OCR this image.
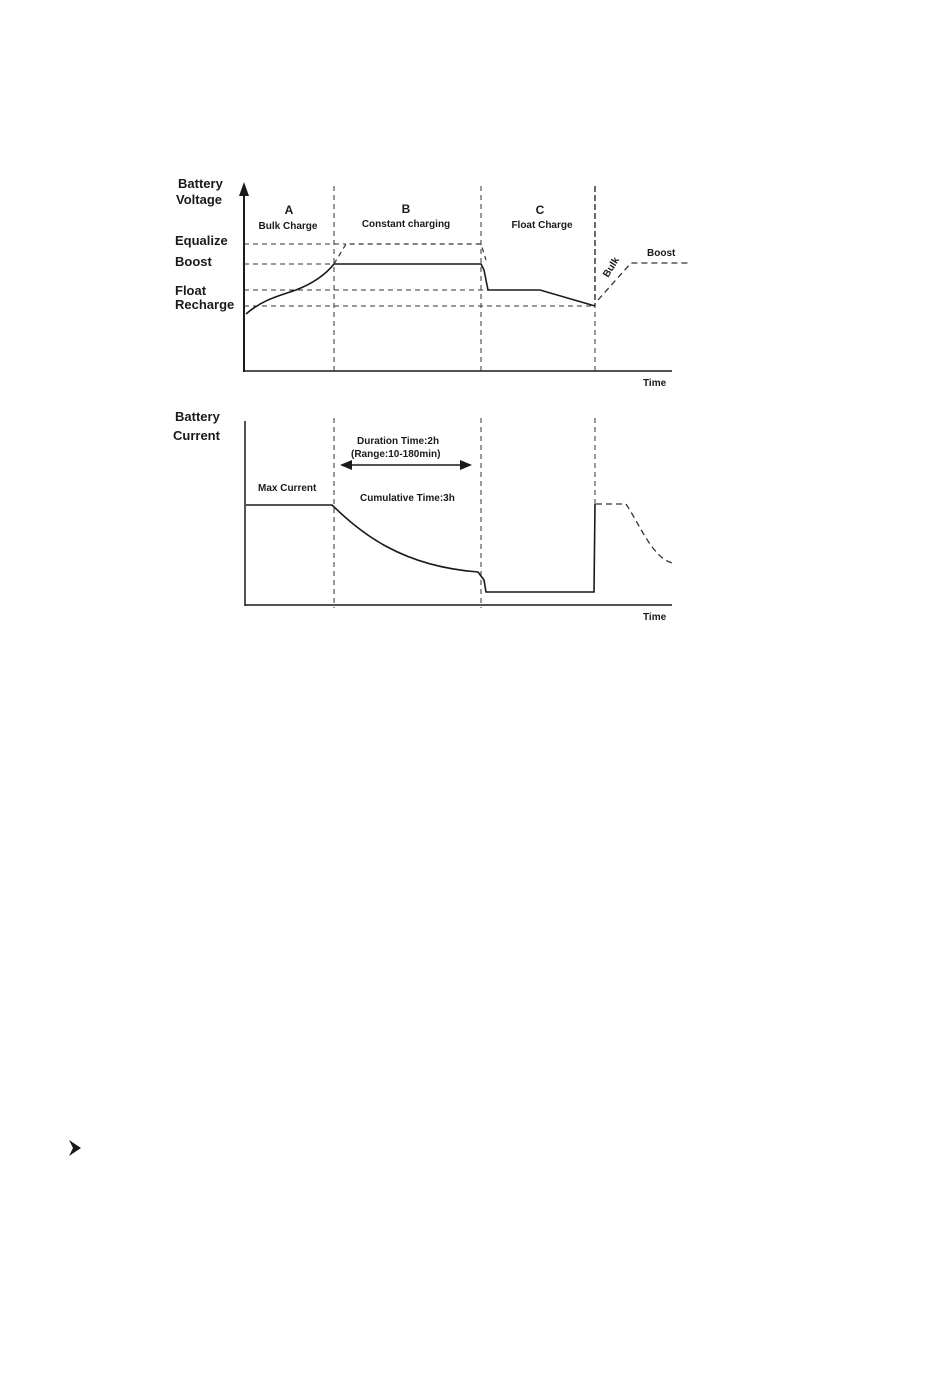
Battery
Voltage
Equalize
Boost
Float
Recharge
Time
A
Bulk Charge
B
Constant charging
C
Float Charge
Bulk
Boost
Battery
Current
Time
Max Current
Duration Time:2h
(Range:10-180min)
Cumulative Time:3h
